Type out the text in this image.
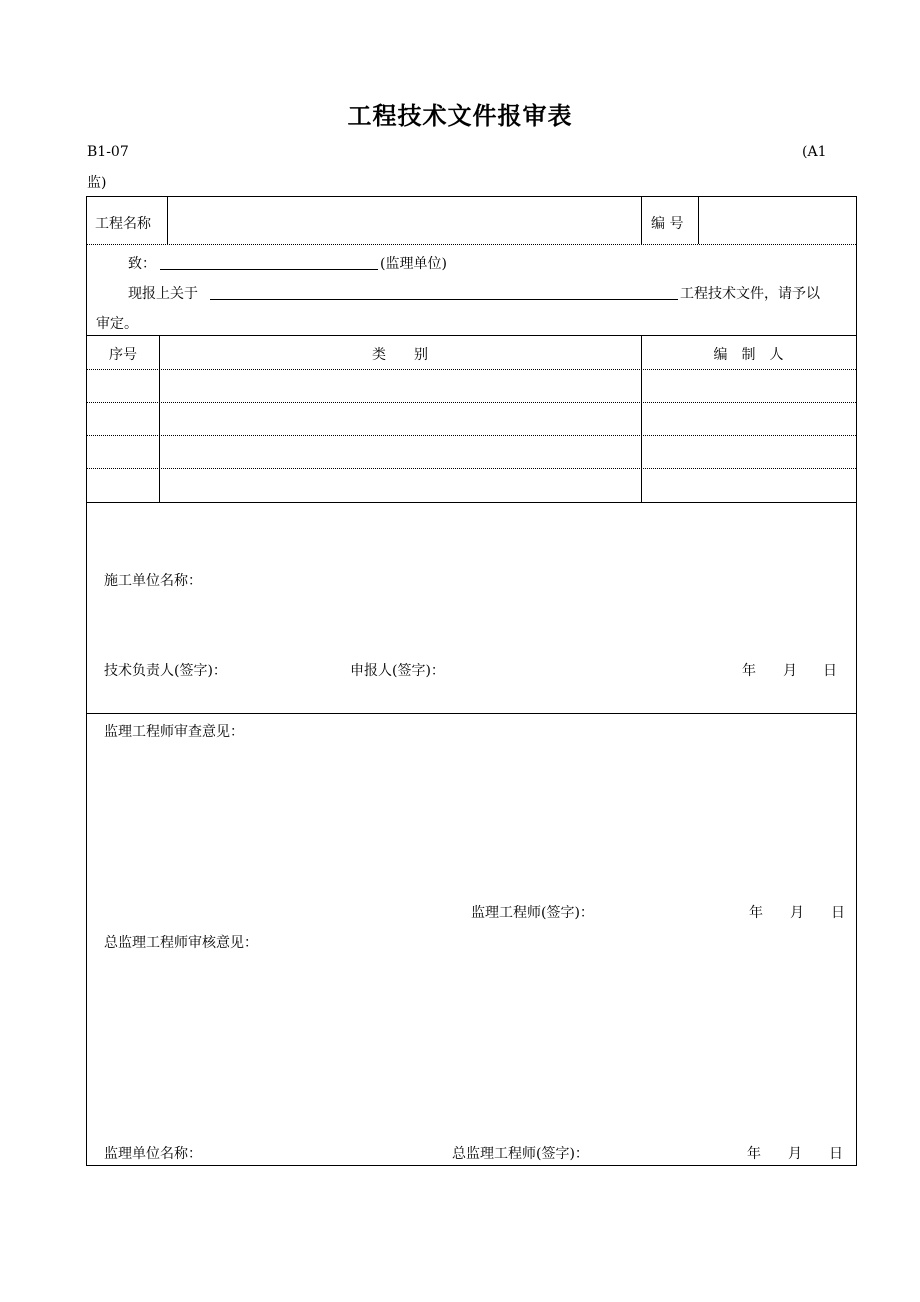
工程技术文件报审表
B1-07	(A1
监)
工程名称	编 号
致：	(监理单位)
现报上关于	工程技术文件，请予以
审定。
序号	类　　别	编　制　人
施工单位名称：
技术负责人(签字)：	申报人(签字)：	年 月 日
监理工程师审查意见：
监理工程师(签字)：	年 月 日
总监理工程师审核意见：
监理单位名称：	总监理工程师(签字)：	年 月 日
